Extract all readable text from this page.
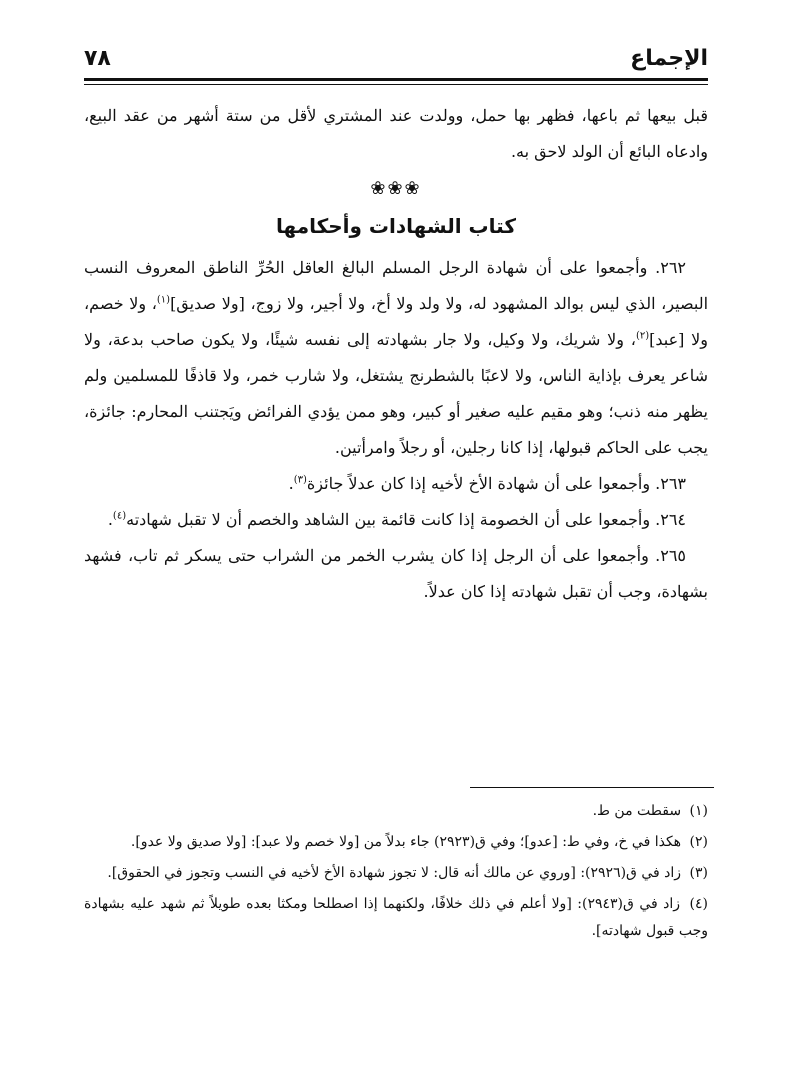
٧٨	الإجماع

قبل بيعها ثم باعها، فظهر بها حمل، وولدت عند المشتري لأقل من ستة أشهر من عقد البيع، وادعاه البائع أن الولد لاحق به.

❀❀❀
كتاب الشهادات وأحكامها

٢٦٢. وأجمعوا على أن شهادة الرجل المسلم البالغ العاقل الحُرِّ الناطق المعروف النسب البصير، الذي ليس بوالد المشهود له، ولا ولد ولا أخ، ولا أجير، ولا زوج، [ولا صديق]$^{(١)}$، ولا خصم، ولا [عبد]$^{(٢)}$، ولا شريك، ولا وكيل، ولا جار بشهادته إلى نفسه شيئًا، ولا يكون صاحب بدعة، ولا شاعر يعرف بإذاية الناس، ولا لاعبًا بالشطرنج يشتغل، ولا شارب خمر، ولا قاذفًا للمسلمين ولم يظهر منه ذنب؛ وهو مقيم عليه صغير أو كبير، وهو ممن يؤدي الفرائض ويَجتنب المحارم: جائزة، يجب على الحاكم قبولها، إذا كانا رجلين، أو رجلاً وامرأتين.

٢٦٣. وأجمعوا على أن شهادة الأخ لأخيه إذا كان عدلاً جائزة$^{(٣)}$.

٢٦٤. وأجمعوا على أن الخصومة إذا كانت قائمة بين الشاهد والخصم أن لا تقبل شهادته$^{(٤)}$.

٢٦٥. وأجمعوا على أن الرجل إذا كان يشرب الخمر من الشراب حتى يسكر ثم تاب، فشهد بشهادة، وجب أن تقبل شهادته إذا كان عدلاً.

(١) سقطت من ط.

(٢) هكذا في خ، وفي ط: [عدو]؛ وفي ق(٢٩٢٣) جاء بدلاً من [ولا خصم ولا عبد]: [ولا صديق ولا عدو].

(٣) زاد في ق(٢٩٢٦): [وروي عن مالك أنه قال: لا تجوز شهادة الأخ لأخيه في النسب وتجوز في الحقوق].

(٤) زاد في ق(٢٩٤٣): [ولا أعلم في ذلك خلافًا، ولكنهما إذا اصطلحا ومكثا بعده طويلاً ثم شهد عليه بشهادة وجب قبول شهادته].
